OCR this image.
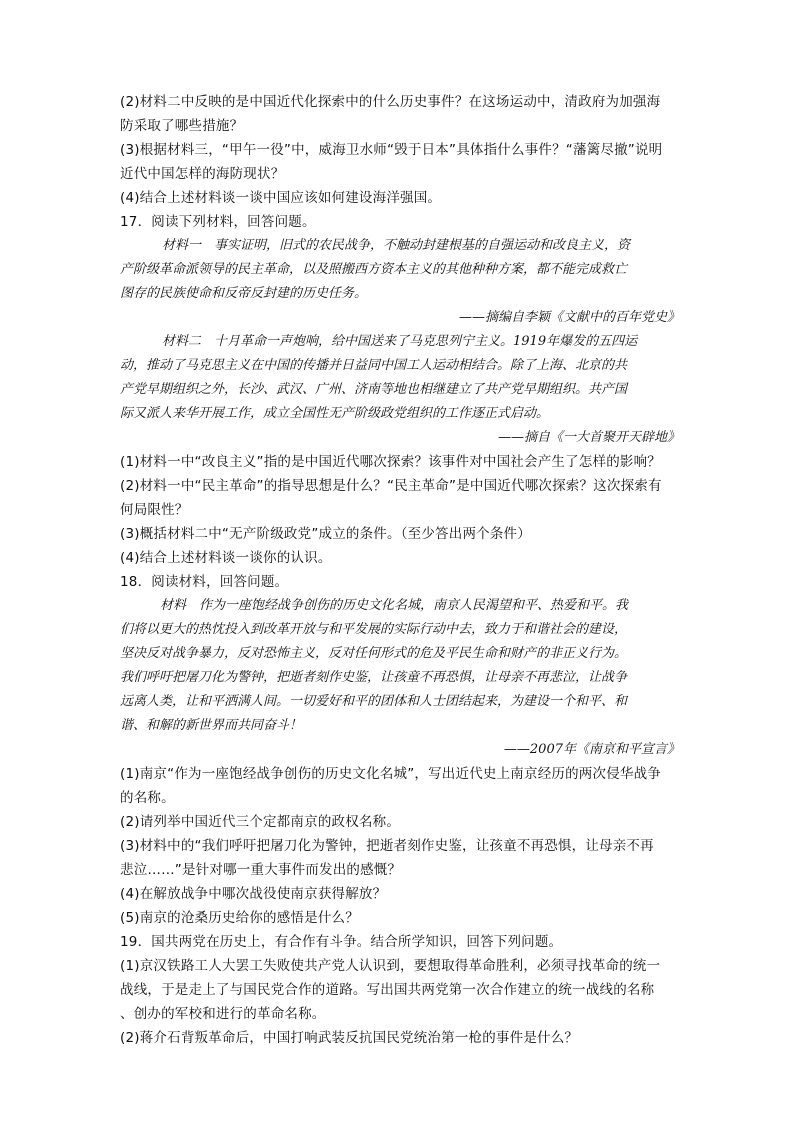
(2)材料二中反映的是中国近代化探索中的什么历史事件？在这场运动中，清政府为加强海
防采取了哪些措施？
(3)根据材料三，“甲午一役”中，威海卫水师“毁于日本”具体指什么事件？“藩篱尽撤”说明
近代中国怎样的海防现状？
(4)结合上述材料谈一谈中国应该如何建设海洋强国。
17．阅读下列材料，回答问题。
材料一　事实证明，旧式的农民战争，不触动封建根基的自强运动和改良主义，资
产阶级革命派领导的民主革命，以及照搬西方资本主义的其他种种方案，都不能完成救亡
图存的民族使命和反帝反封建的历史任务。
——摘编自李颖《文献中的百年党史》
材料二　十月革命一声炮响，给中国送来了马克思列宁主义。1919年爆发的五四运
动，推动了马克思主义在中国的传播并日益同中国工人运动相结合。除了上海、北京的共
产党早期组织之外，长沙、武汉、广州、济南等地也相继建立了共产党早期组织。共产国
际又派人来华开展工作，成立全国性无产阶级政党组织的工作逐正式启动。
——摘自《一大首聚开天辟地》
(1)材料一中“改良主义”指的是中国近代哪次探索？该事件对中国社会产生了怎样的影响？
(2)材料一中“民主革命”的指导思想是什么？“民主革命”是中国近代哪次探索？这次探索有
何局限性？
(3)概括材料二中“无产阶级政党”成立的条件。（至少答出两个条件）
(4)结合上述材料谈一谈你的认识。
18．阅读材料，回答问题。
材料　作为一座饱经战争创伤的历史文化名城，南京人民渴望和平、热爱和平。我
们将以更大的热忱投入到改革开放与和平发展的实际行动中去，致力于和谐社会的建设，
坚决反对战争暴力，反对恐怖主义，反对任何形式的危及平民生命和财产的非正义行为。
我们呼吁把屠刀化为警钟，把逝者刻作史鉴，让孩童不再恐惧，让母亲不再悲泣，让战争
远离人类，让和平洒满人间。一切爱好和平的团体和人士团结起来，为建设一个和平、和
谐、和解的新世界而共同奋斗！
——2007年《南京和平宣言》
(1)南京“作为一座饱经战争创伤的历史文化名城”，写出近代史上南京经历的两次侵华战争
的名称。
(2)请列举中国近代三个定都南京的政权名称。
(3)材料中的“我们呼吁把屠刀化为警钟，把逝者刻作史鉴，让孩童不再恐惧，让母亲不再
悲泣……”是针对哪一重大事件而发出的感慨？
(4)在解放战争中哪次战役使南京获得解放？
(5)南京的沧桑历史给你的感悟是什么？
19．国共两党在历史上，有合作有斗争。结合所学知识，回答下列问题。
(1)京汉铁路工人大罢工失败使共产党人认识到，要想取得革命胜利，必须寻找革命的统一
战线，于是走上了与国民党合作的道路。写出国共两党第一次合作建立的统一战线的名称
、创办的军校和进行的革命名称。
(2)蒋介石背叛革命后，中国打响武装反抗国民党统治第一枪的事件是什么？
